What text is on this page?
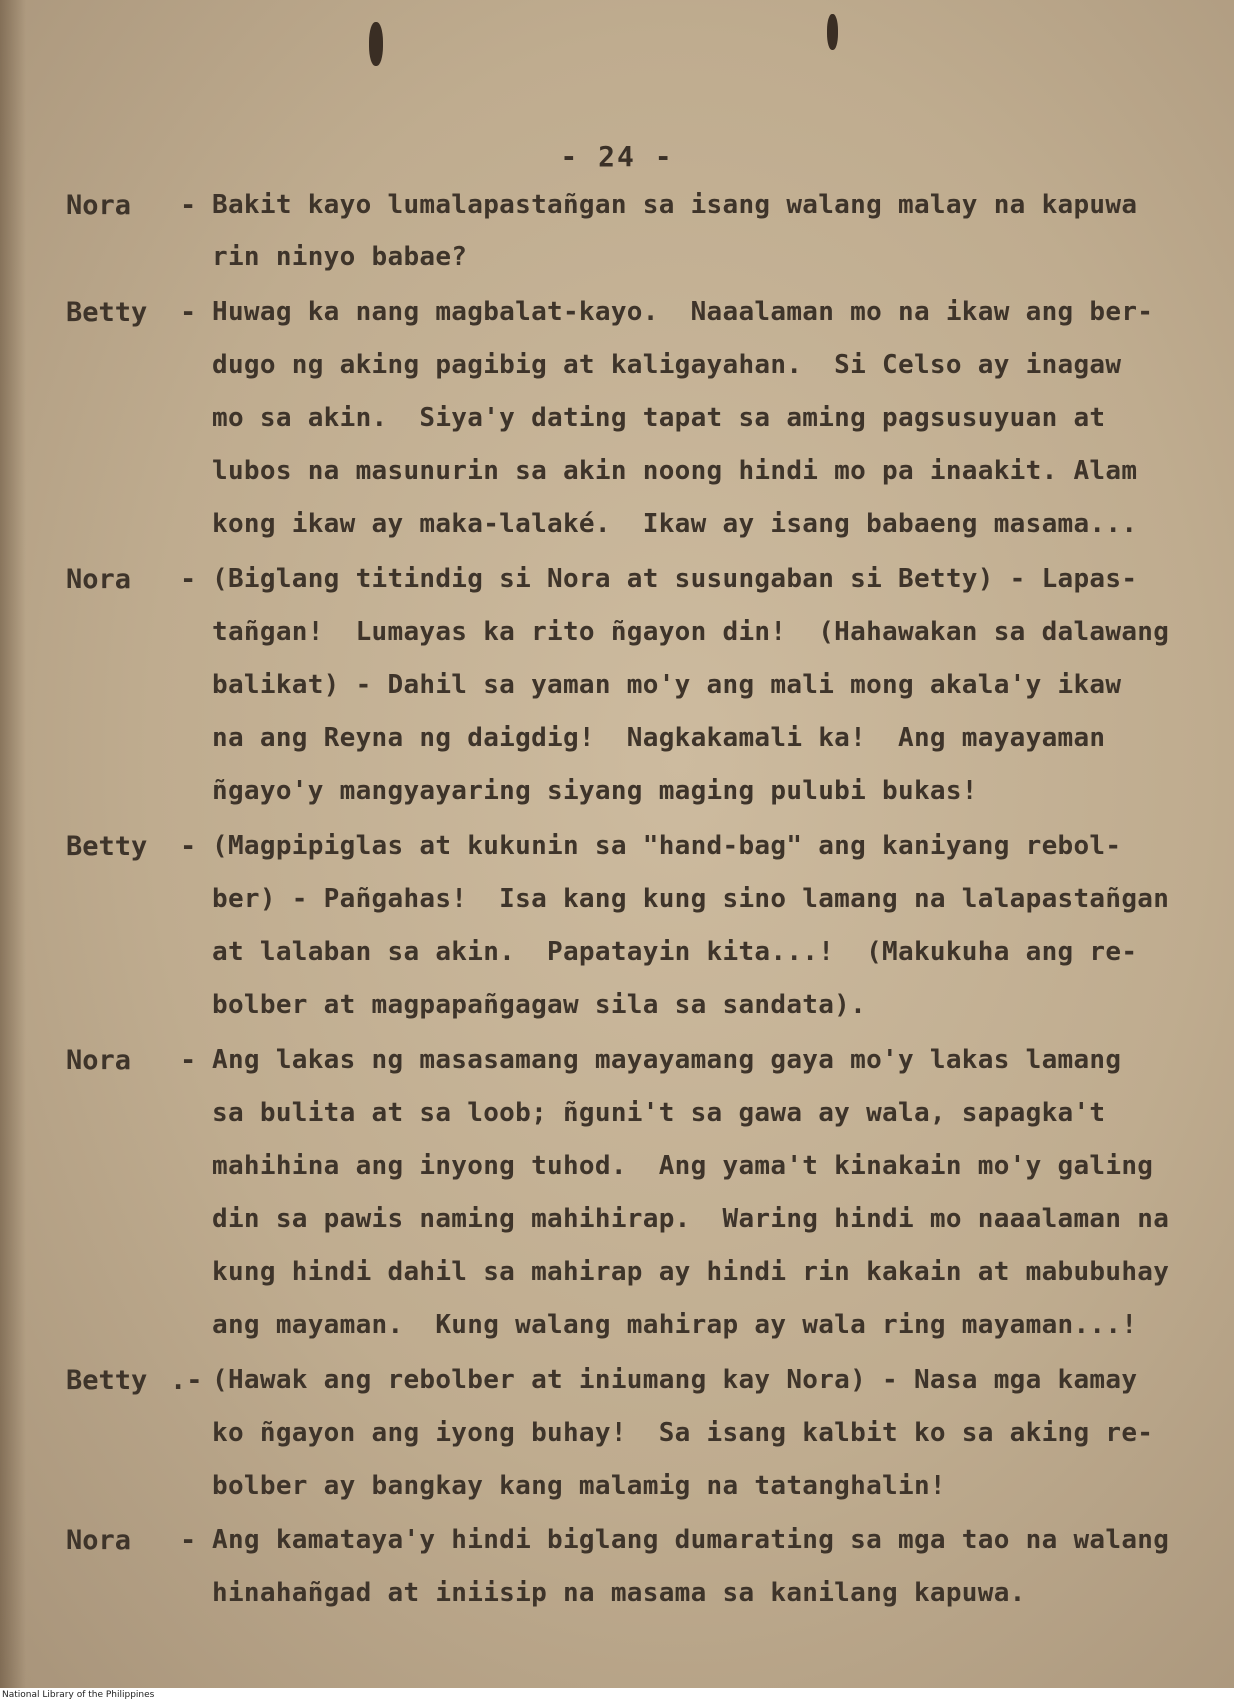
- 24 -
Nora	- Bakit kayo lumalapastañgan sa isang walang malay na kapuwa
rin ninyo babae?
Betty	- Huwag ka nang magbalat-kayo.  Naaalaman mo na ikaw ang ber-
dugo ng aking pagibig at kaligayahan.  Si Celso ay inagaw
mo sa akin.  Siya'y dating tapat sa aming pagsusuyuan at
lubos na masunurin sa akin noong hindi mo pa inaakit. Alam
kong ikaw ay maka-lalaké.  Ikaw ay isang babaeng masama...
Nora	- (Biglang titindig si Nora at susungaban si Betty) - Lapas-
tañgan!  Lumayas ka rito ñgayon din!  (Hahawakan sa dalawang
balikat) - Dahil sa yaman mo'y ang mali mong akala'y ikaw
na ang Reyna ng daigdig!  Nagkakamali ka!  Ang mayayaman
ñgayo'y mangyayaring siyang maging pulubi bukas!
Betty	- (Magpipiglas at kukunin sa "hand-bag" ang kaniyang rebol-
ber) - Pañgahas!  Isa kang kung sino lamang na lalapastañgan
at lalaban sa akin.  Papatayin kita...!  (Makukuha ang re-
bolber at magpapañgagaw sila sa sandata).
Nora	- Ang lakas ng masasamang mayayamang gaya mo'y lakas lamang
sa bulita at sa loob; ñguni't sa gawa ay wala, sapagka't
mahihina ang inyong tuhod.  Ang yama't kinakain mo'y galing
din sa pawis naming mahihirap.  Waring hindi mo naaalaman na
kung hindi dahil sa mahirap ay hindi rin kakain at mabubuhay
ang mayaman.  Kung walang mahirap ay wala ring mayaman...!
Betty .- (Hawak ang rebolber at iniumang kay Nora) - Nasa mga kamay
ko ñgayon ang iyong buhay!  Sa isang kalbit ko sa aking re-
bolber ay bangkay kang malamig na tatanghalin!
Nora	- Ang kamataya'y hindi biglang dumarating sa mga tao na walang
hinahañgad at iniisip na masama sa kanilang kapuwa.
National Library of the Philippines
